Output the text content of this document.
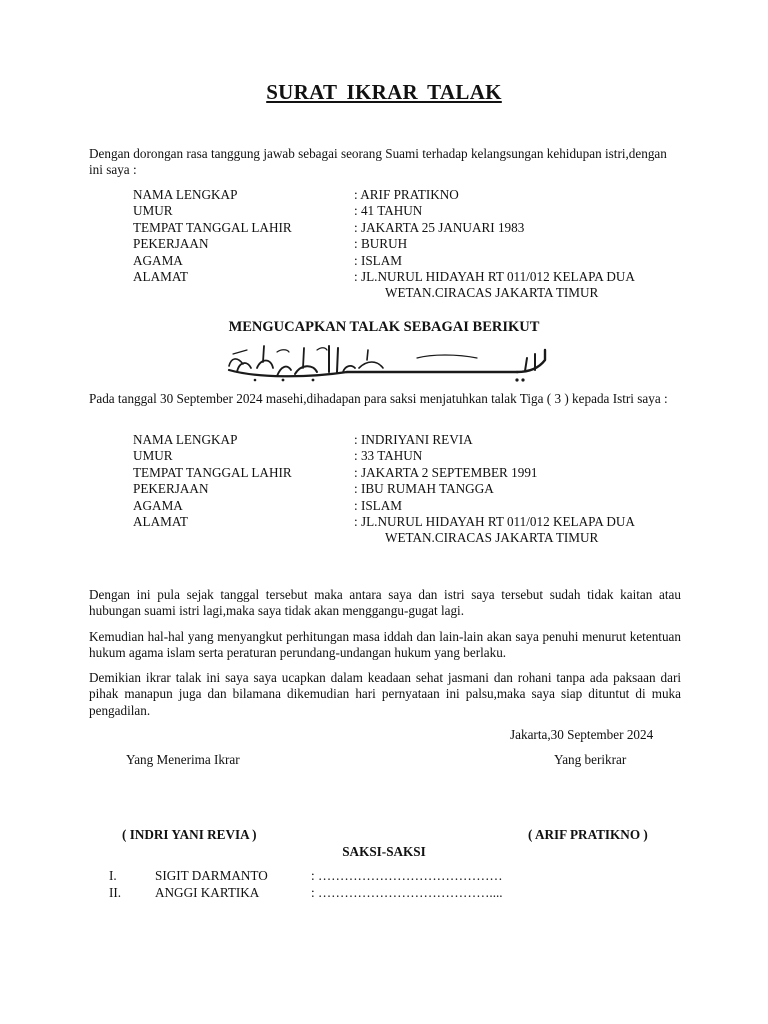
SURAT IKRAR TALAK

Dengan dorongan rasa tanggung jawab sebagai seorang Suami terhadap kelangsungan kehidupan istri,dengan ini saya :

NAMA LENGKAP	: ARIF PRATIKNO
UMUR	: 41 TAHUN
TEMPAT TANGGAL LAHIR	: JAKARTA 25 JANUARI 1983
PEKERJAAN	: BURUH
AGAMA	: ISLAM
ALAMAT	: JL.NURUL HIDAYAH RT 011/012 KELAPA DUA
WETAN.CIRACAS JAKARTA TIMUR
MENGUCAPKAN TALAK SEBAGAI BERIKUT

Pada tanggal 30 September 2024 masehi,dihadapan para saksi menjatuhkan talak Tiga ( 3 ) kepada Istri saya :

NAMA LENGKAP	: INDRIYANI REVIA
UMUR	: 33 TAHUN
TEMPAT TANGGAL LAHIR	: JAKARTA 2 SEPTEMBER 1991
PEKERJAAN	: IBU RUMAH TANGGA
AGAMA	: ISLAM
ALAMAT	: JL.NURUL HIDAYAH RT 011/012 KELAPA DUA
WETAN.CIRACAS JAKARTA TIMUR

Dengan ini pula sejak tanggal tersebut maka antara saya dan istri saya tersebut sudah tidak kaitan atau hubungan suami istri lagi,maka saya tidak akan menggangu-gugat lagi.

Kemudian hal-hal yang menyangkut perhitungan masa iddah dan lain-lain akan saya penuhi menurut ketentuan hukum agama islam serta peraturan perundang-undangan hukum yang berlaku.

Demikian ikrar talak ini saya saya ucapkan dalam keadaan sehat jasmani dan rohani tanpa ada paksaan dari pihak manapun juga dan bilamana dikemudian hari pernyataan ini palsu,maka saya siap dituntut di muka pengadilan.

Jakarta,30 September 2024
Yang Menerima Ikrar	Yang berikrar
( INDRI YANI REVIA )	( ARIF PRATIKNO )
SAKSI-SAKSI
I.	SIGIT DARMANTO	: ……………………………………
II.	ANGGI KARTIKA	: …………………………………....
